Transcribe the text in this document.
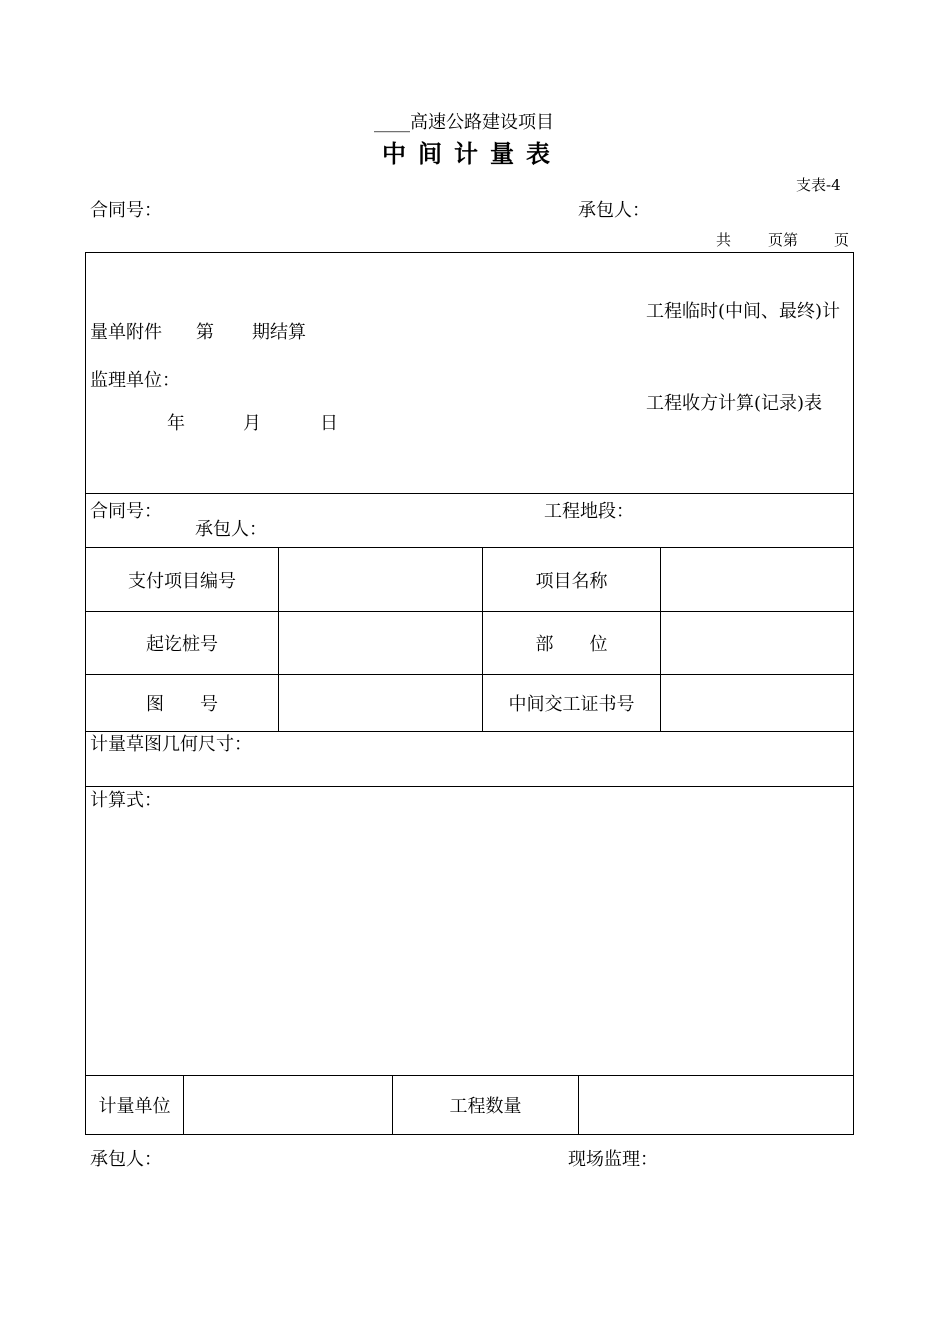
____高速公路建设项目
中间计量表
支表-4
合同号：	承包人：
共 页第 页
工程临时(中间、最终)计
量单附件 第 期结算
监理单位：
工程收方计算(记录)表
年	月	日
合同号：	工程地段：
承包人：
支付项目编号	项目名称
起讫桩号	部　　位
图　　号	中间交工证书号
计量草图几何尺寸：
计算式：
计量单位	工程数量
承包人：	现场监理：
